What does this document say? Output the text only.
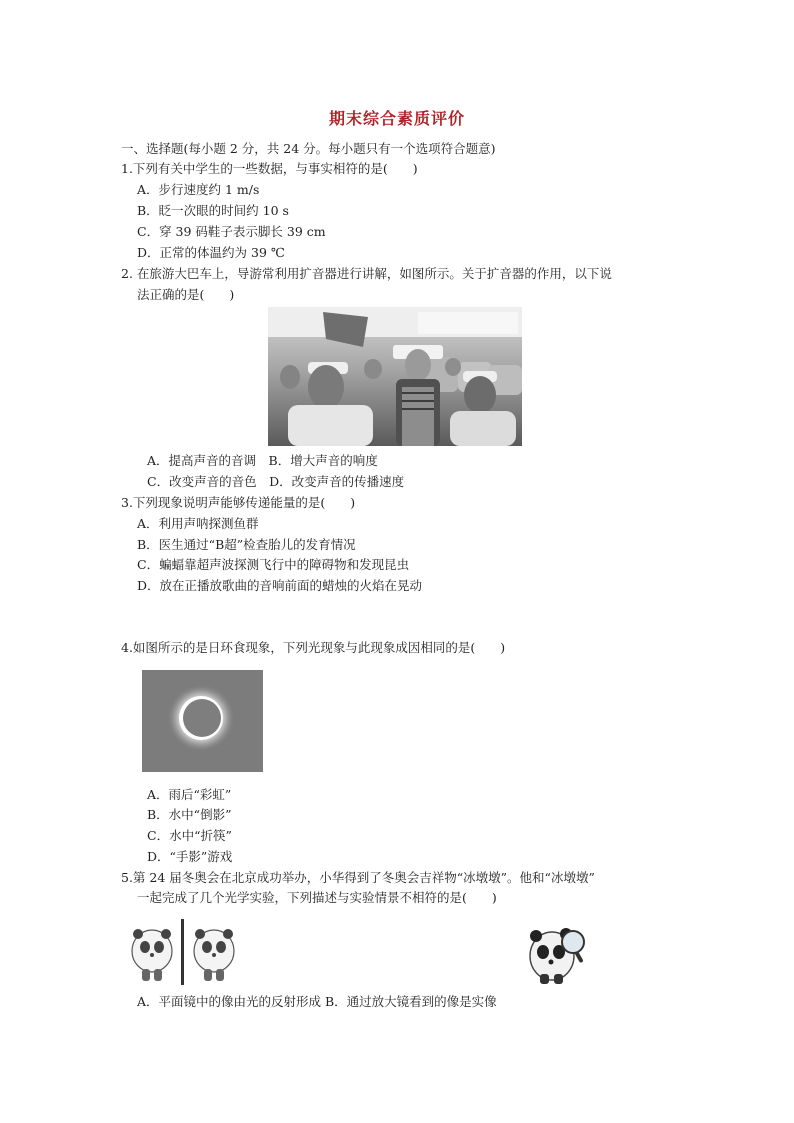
期末综合素质评价
一、选择题(每小题 2 分，共 24 分。每小题只有一个选项符合题意)
1.下列有关中学生的一些数据，与事实相符的是(　　)
A．步行速度约 1 m/s
B．眨一次眼的时间约 10 s
C．穿 39 码鞋子表示脚长 39 cm
D．正常的体温约为 39 ℃
2. 在旅游大巴车上，导游常利用扩音器进行讲解，如图所示。关于扩音器的作用，以下说
法正确的是(　　)
A．提高声音的音调　B．增大声音的响度
C．改变声音的音色　D．改变声音的传播速度
3.下列现象说明声能够传递能量的是(　　)
A．利用声呐探测鱼群
B．医生通过“B超”检查胎儿的发育情况
C．蝙蝠靠超声波探测飞行中的障碍物和发现昆虫
D．放在正播放歌曲的音响前面的蜡烛的火焰在晃动
4.如图所示的是日环食现象，下列光现象与此现象成因相同的是(　　)
A．雨后“彩虹”
B．水中“倒影”
C．水中“折筷”
D．“手影”游戏
5.第 24 届冬奥会在北京成功举办，小华得到了冬奥会吉祥物“冰墩墩”。他和“冰墩墩”
一起完成了几个光学实验，下列描述与实验情景不相符的是(　　)
A．平面镜中的像由光的反射形成 B．通过放大镜看到的像是实像
